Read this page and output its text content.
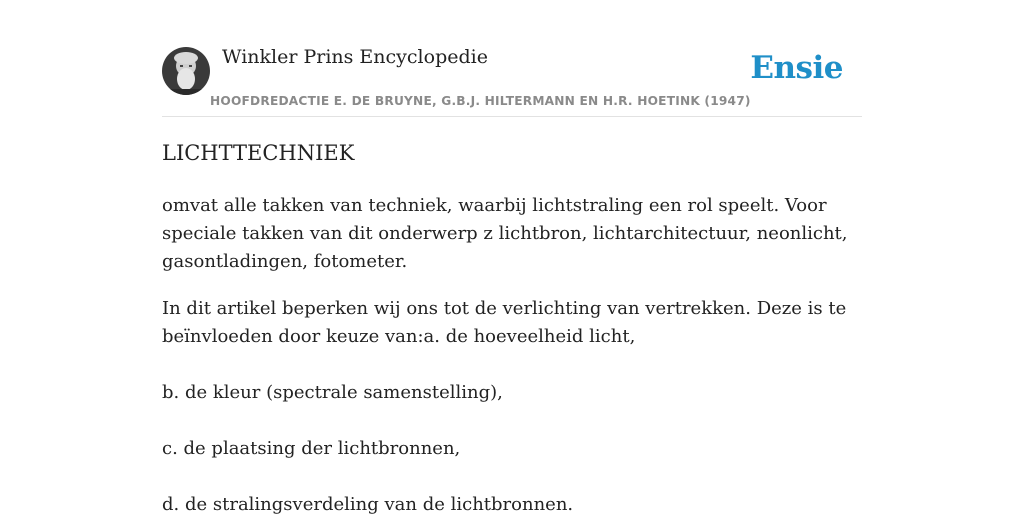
Winkler Prins Encyclopedie
HOOFDREDACTIE E. DE BRUYNE, G.B.J. HILTERMANN EN H.R. HOETINK (1947)
Ensie
LICHTTECHNIEK

omvat alle takken van techniek, waarbij lichtstraling een rol speelt. Voor speciale takken van dit onderwerp z lichtbron, lichtarchitectuur, neonlicht, gasontladingen, fotometer.

In dit artikel beperken wij ons tot de verlichting van vertrekken. Deze is te beïnvloeden door keuze van:a. de hoeveelheid licht,

b. de kleur (spectrale samenstelling),

c. de plaatsing der lichtbronnen,

d. de stralingsverdeling van de lichtbronnen.
